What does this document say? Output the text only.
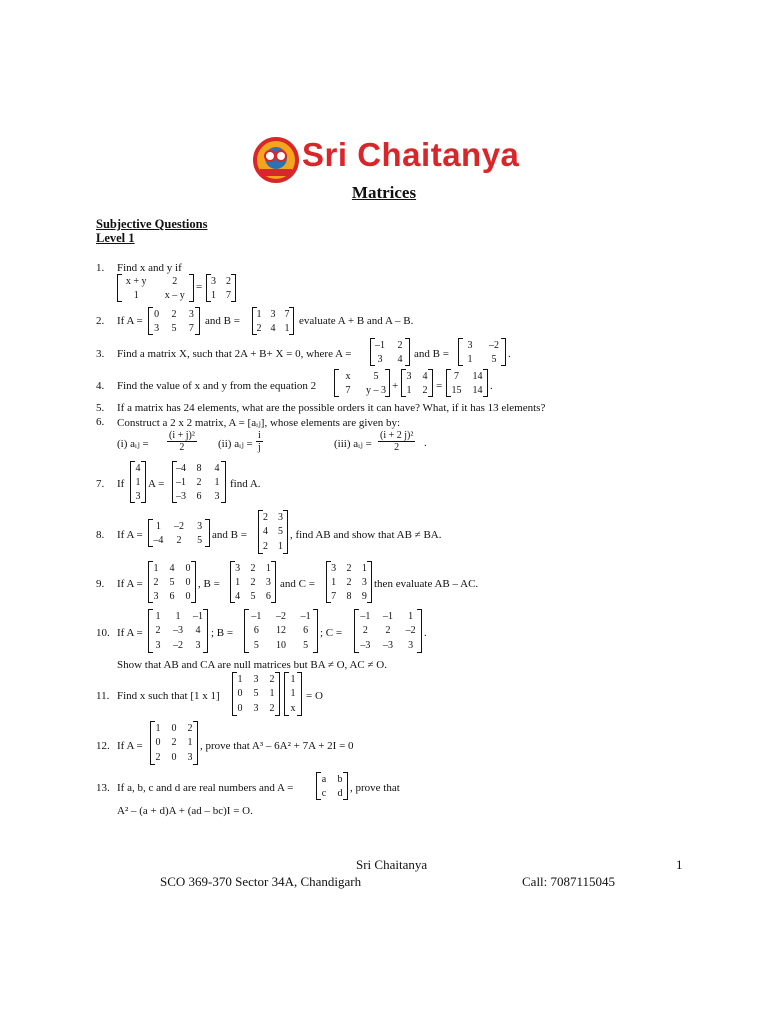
Sri Chaitanya
Matrices
Subjective Questions
Level 1
1. Find x and y if
x + y	2
1	x – y
= 3	2
1	7
2. If A =
0	2	3
3	5	7
and B =
1 3 7
2 4 1
evaluate A + B and A – B.
3. Find a matrix X, such that 2A + B+ X = 0, where A =
–1	2
3	4	and B =
3	–2
1	5	.
4. Find the value of x and y from the equation 2
x	5
7	y – 3 +
3	4
1	2 =
7	14
15	14 .
5. If a matrix has 24 elements, what are the possible orders it can have? What, if it has 13 elements?
6. Construct a 2 x 2 matrix, A = [aᵢⱼ], whose elements are given by:
(i) aᵢⱼ = $\frac{\text{(i + j)²}}{2} (ii)$ aᵢⱼ = $\frac{i}{j}$	(iii) aᵢⱼ = $\frac{\text{(i + 2 j)²}}{2}$ .
7. If
4
1
3
A =
–4	8	4
–1	2	1
–3	6	3
find A.
8. If A =
1	–2	3
–4	2	5 and B =
2	3
4	5
2	1
, find AB and show that AB ≠ BA.
9. If A =
1	4	0
2	5	0
3	6	0
, B =
3	2	1
1	2	3
4	5	6
and C =
3	2	1
1	2	3
7	8	9
then evaluate AB – AC.
10. If A =
1	1	–1
2	–3	4
3	–2	3
; B =
–1	–2	–1
6	12	6
5	10	5
; C =
–1	–1	1
2	2	–2
–3	–3	3
.
Show that AB and CA are null matrices but BA ≠ O, AC ≠ O.
11. Find x such that [1 x 1]
1	3	2
0	5	1
0	3	2
1
1
x
= O
12. If A =
1	0	2
0	2	1
2	0	3
, prove that A³ – 6A² + 7A + 2I = 0
13. If a, b, c and d are real numbers and A =
a	b
c	d , prove that
A² – (a + d)A + (ad – bc)I = O.
Sri Chaitanya	1
SCO 369-370 Sector 34A, Chandigarh	Call: 7087115045
